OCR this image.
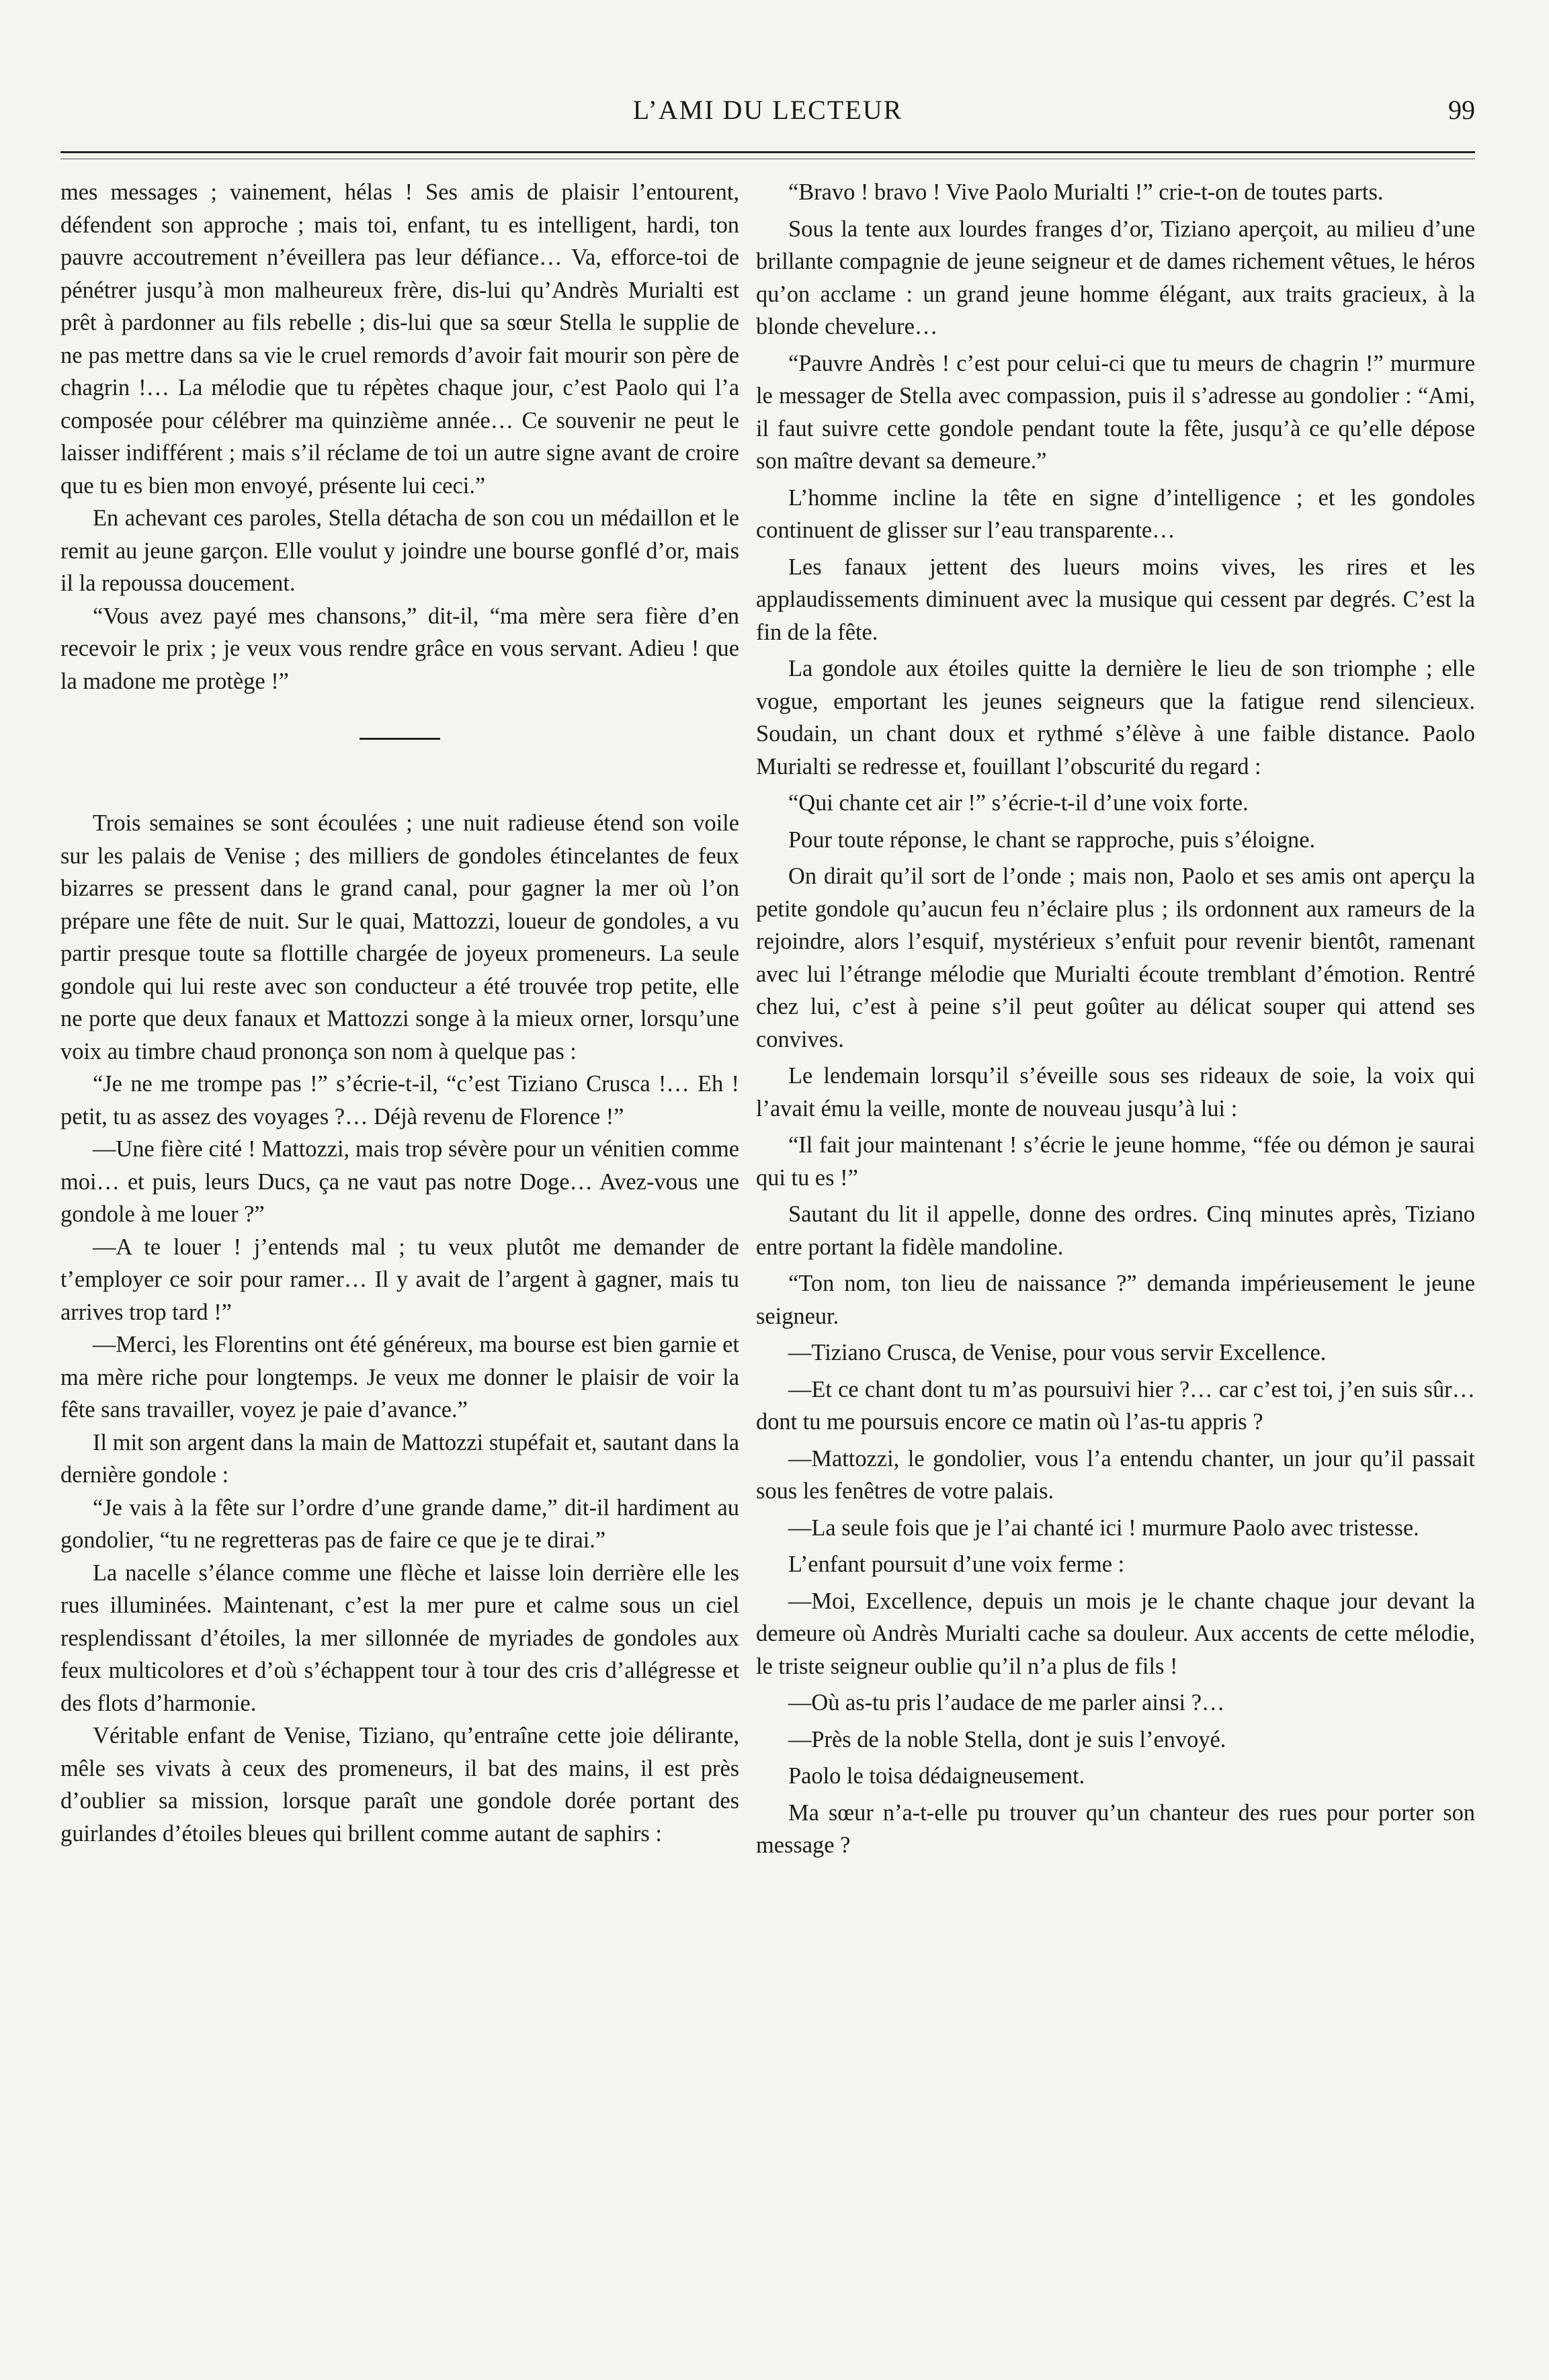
L’AMI DU LECTEUR	99

mes messages ; vainement, hélas ! Ses amis de plaisir l’entourent, défendent son approche ; mais toi, enfant, tu es intelligent, hardi, ton pauvre accoutrement n’éveillera pas leur défiance… Va, efforce-toi de pénétrer jusqu’à mon malheureux frère, dis-lui qu’Andrès Murialti est prêt à pardonner au fils rebelle ; dis-lui que sa sœur Stella le supplie de ne pas mettre dans sa vie le cruel remords d’avoir fait mourir son père de chagrin !… La mélodie que tu répètes chaque jour, c’est Paolo qui l’a composée pour célébrer ma quinzième année… Ce souvenir ne peut le laisser indifférent ; mais s’il réclame de toi un autre signe avant de croire que tu es bien mon envoyé, présente lui ceci.”

En achevant ces paroles, Stella détacha de son cou un médaillon et le remit au jeune garçon. Elle voulut y joindre une bourse gonflé d’or, mais il la repoussa doucement.

“Vous avez payé mes chansons,” dit-il, “ma mère sera fière d’en recevoir le prix ; je veux vous rendre grâce en vous servant. Adieu ! que la madone me protège !”

Trois semaines se sont écoulées ; une nuit radieuse étend son voile sur les palais de Venise ; des milliers de gondoles étincelantes de feux bizarres se pressent dans le grand canal, pour gagner la mer où l’on prépare une fête de nuit. Sur le quai, Mattozzi, loueur de gondoles, a vu partir presque toute sa flottille chargée de joyeux promeneurs. La seule gondole qui lui reste avec son conducteur a été trouvée trop petite, elle ne porte que deux fanaux et Mattozzi songe à la mieux orner, lorsqu’une voix au timbre chaud prononça son nom à quelque pas :

“Je ne me trompe pas !” s’écrie-t-il, “c’est Tiziano Crusca !… Eh ! petit, tu as assez des voyages ?… Déjà revenu de Florence !”

—Une fière cité ! Mattozzi, mais trop sévère pour un vénitien comme moi… et puis, leurs Ducs, ça ne vaut pas notre Doge… Avez-vous une gondole à me louer ?”

—A te louer ! j’entends mal ; tu veux plutôt me demander de t’employer ce soir pour ramer… Il y avait de l’argent à gagner, mais tu arrives trop tard !”

—Merci, les Florentins ont été généreux, ma bourse est bien garnie et ma mère riche pour longtemps. Je veux me donner le plaisir de voir la fête sans travailler, voyez je paie d’avance.”

Il mit son argent dans la main de Mattozzi stupéfait et, sautant dans la dernière gondole :

“Je vais à la fête sur l’ordre d’une grande dame,” dit-il hardiment au gondolier, “tu ne regretteras pas de faire ce que je te dirai.”

La nacelle s’élance comme une flèche et laisse loin derrière elle les rues illuminées. Maintenant, c’est la mer pure et calme sous un ciel resplendissant d’étoiles, la mer sillonnée de myriades de gondoles aux feux multicolores et d’où s’échappent tour à tour des cris d’allégresse et des flots d’harmonie.

Véritable enfant de Venise, Tiziano, qu’entraîne cette joie délirante, mêle ses vivats à ceux des promeneurs, il bat des mains, il est près d’oublier sa mission, lorsque paraît une gondole dorée portant des guirlandes d’étoiles bleues qui brillent comme autant de saphirs :

“Bravo ! bravo ! Vive Paolo Murialti !” crie-t-on de toutes parts.

Sous la tente aux lourdes franges d’or, Tiziano aperçoit, au milieu d’une brillante compagnie de jeune seigneur et de dames richement vêtues, le héros qu’on acclame : un grand jeune homme élégant, aux traits gracieux, à la blonde chevelure…

“Pauvre Andrès ! c’est pour celui-ci que tu meurs de chagrin !” murmure le messager de Stella avec compassion, puis il s’adresse au gondolier : “Ami, il faut suivre cette gondole pendant toute la fête, jusqu’à ce qu’elle dépose son maître devant sa demeure.”

L’homme incline la tête en signe d’intelligence ; et les gondoles continuent de glisser sur l’eau transparente…

Les fanaux jettent des lueurs moins vives, les rires et les applaudissements diminuent avec la musique qui cessent par degrés. C’est la fin de la fête.

La gondole aux étoiles quitte la dernière le lieu de son triomphe ; elle vogue, emportant les jeunes seigneurs que la fatigue rend silencieux. Soudain, un chant doux et rythmé s’élève à une faible distance. Paolo Murialti se redresse et, fouillant l’obscurité du regard :

“Qui chante cet air !” s’écrie-t-il d’une voix forte.

Pour toute réponse, le chant se rapproche, puis s’éloigne.

On dirait qu’il sort de l’onde ; mais non, Paolo et ses amis ont aperçu la petite gondole qu’aucun feu n’éclaire plus ; ils ordonnent aux rameurs de la rejoindre, alors l’esquif, mystérieux s’enfuit pour revenir bientôt, ramenant avec lui l’étrange mélodie que Murialti écoute tremblant d’émotion. Rentré chez lui, c’est à peine s’il peut goûter au délicat souper qui attend ses convives.

Le lendemain lorsqu’il s’éveille sous ses rideaux de soie, la voix qui l’avait ému la veille, monte de nouveau jusqu’à lui :

“Il fait jour maintenant ! s’écrie le jeune homme, “fée ou démon je saurai qui tu es !”

Sautant du lit il appelle, donne des ordres. Cinq minutes après, Tiziano entre portant la fidèle mandoline.

“Ton nom, ton lieu de naissance ?” demanda impérieusement le jeune seigneur.

—Tiziano Crusca, de Venise, pour vous servir Excellence.

—Et ce chant dont tu m’as poursuivi hier ?… car c’est toi, j’en suis sûr… dont tu me poursuis encore ce matin où l’as-tu appris ?

—Mattozzi, le gondolier, vous l’a entendu chanter, un jour qu’il passait sous les fenêtres de votre palais.

—La seule fois que je l’ai chanté ici ! murmure Paolo avec tristesse.

L’enfant poursuit d’une voix ferme :

—Moi, Excellence, depuis un mois je le chante chaque jour devant la demeure où Andrès Murialti cache sa douleur. Aux accents de cette mélodie, le triste seigneur oublie qu’il n’a plus de fils !

—Où as-tu pris l’audace de me parler ainsi ?…

—Près de la noble Stella, dont je suis l’envoyé.

Paolo le toisa dédaigneusement.

Ma sœur n’a-t-elle pu trouver qu’un chanteur des rues pour porter son message ?
